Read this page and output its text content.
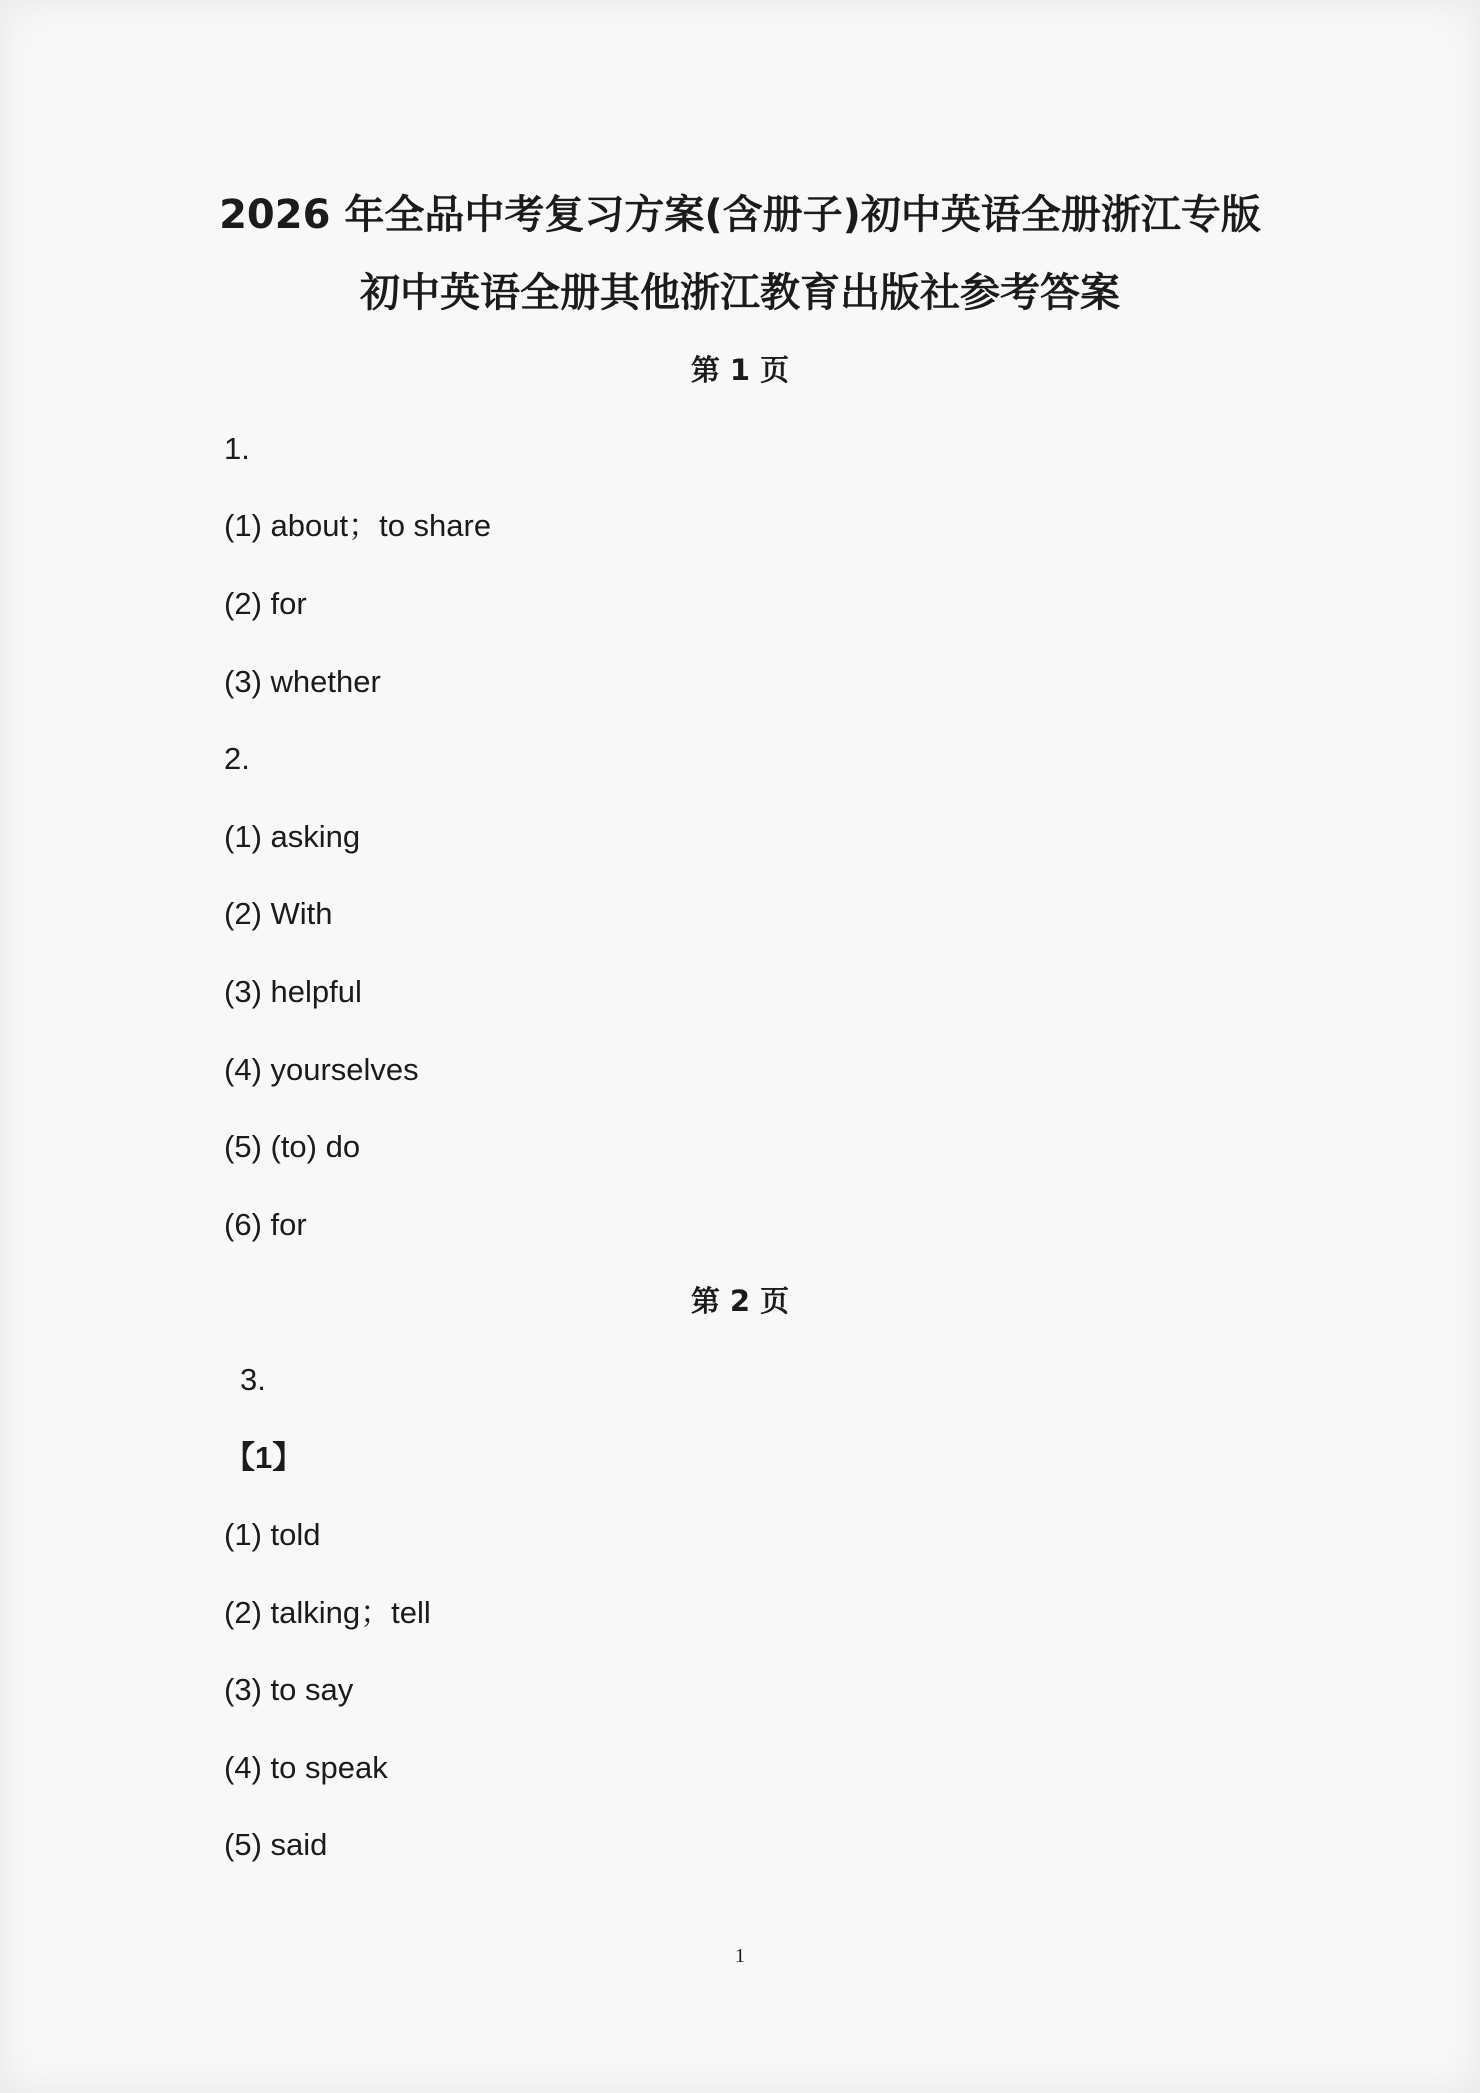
2026 年全品中考复习方案(含册子)初中英语全册浙江专版
初中英语全册其他浙江教育出版社参考答案
第 1 页
1.
(1) about；to share
(2) for
(3) whether
2.
(1) asking
(2) With
(3) helpful
(4) yourselves
(5) (to) do
(6) for
第 2 页
3.
【1】
(1) told
(2) talking；tell
(3) to say
(4) to speak
(5) said
1
